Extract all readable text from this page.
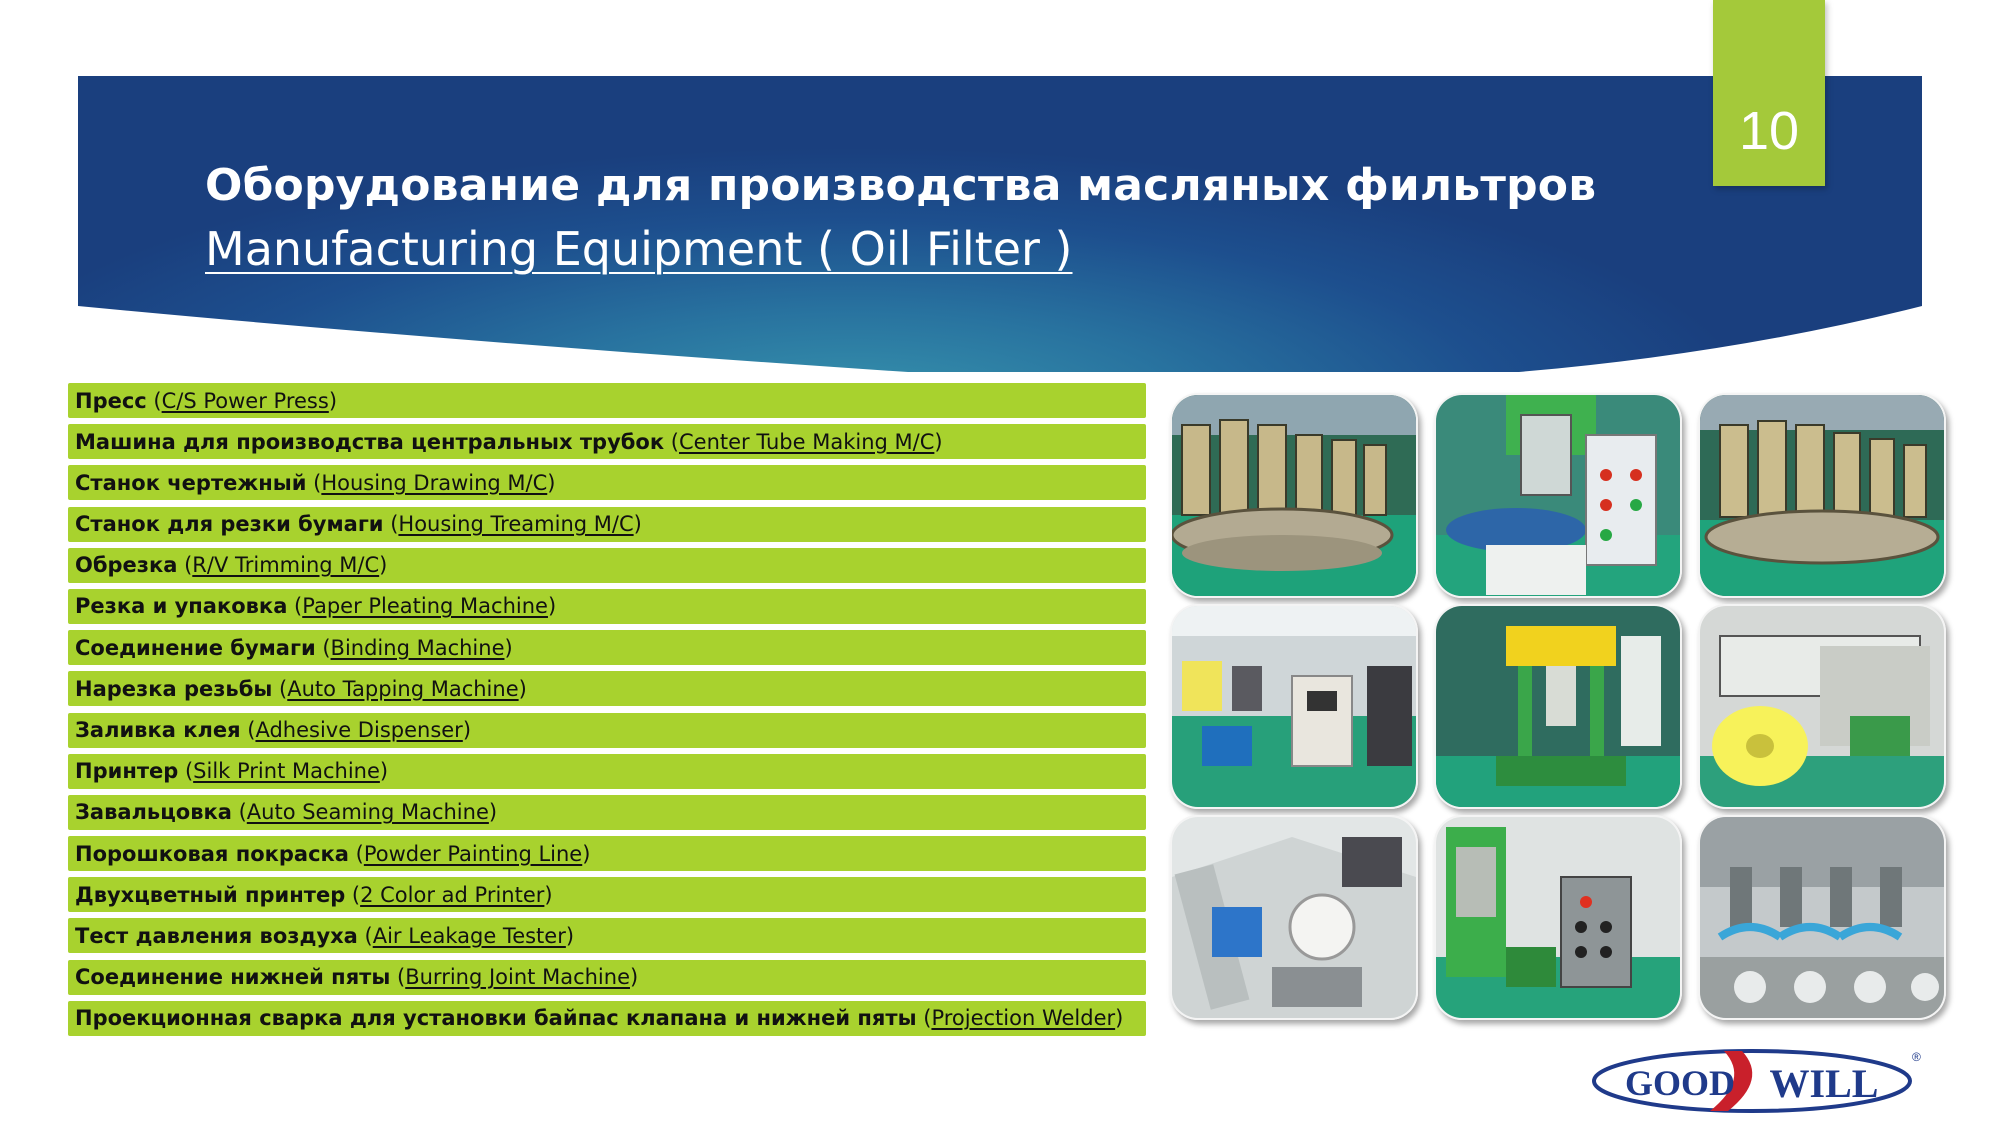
10
Оборудование для производства масляных фильтров
Manufacturing Equipment ( Oil Filter )
Пресс ( C/S Power Press )
Машина для производства центральных трубок ( Center Tube Making M/C )
Станок чертежный ( Housing Drawing M/C )
Станок для резки бумаги ( Housing Treaming M/C )
Обрезка ( R/V Trimming M/C )
Резка и упаковка ( Paper Pleating Machine )
Соединение бумаги ( Binding Machine )
Нарезка резьбы ( Auto Tapping Machine )
Заливка клея ( Adhesive Dispenser )
Принтер ( Silk Print Machine )
Завальцовка ( Auto Seaming Machine )
Порошковая покраска ( Powder Painting Line )
Двухцветный принтер ( 2 Color ad Printer )
Тест давления воздуха ( Air Leakage Tester )
Соединение нижней пяты ( Burring Joint Machine )
Проекционная сварка для установки байпас клапана и нижней пяты ( Projection Welder )
GOOD WILL
®
